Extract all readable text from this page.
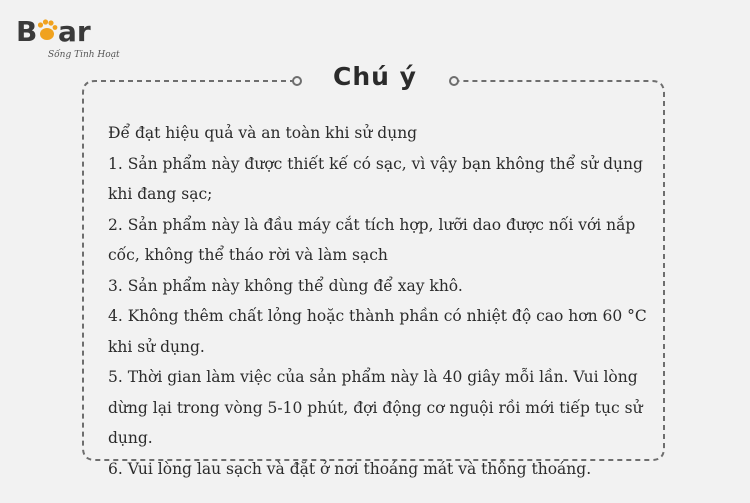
B ar
Chú ý

Để đạt hiệu quả và an toàn khi sử dụng

1. Sản phẩm này được thiết kế có sạc, vì vậy bạn không thể sử dụng khi đang sạc;

2. Sản phẩm này là đầu máy cắt tích hợp, lưỡi dao được nối với nắp cốc, không thể tháo rời và làm sạch

3. Sản phẩm này không thể dùng để xay khô.

4. Không thêm chất lỏng hoặc thành phần có nhiệt độ cao hơn 60 °C khi sử dụng.

5. Thời gian làm việc của sản phẩm này là 40 giây mỗi lần. Vui lòng dừng lại trong vòng 5-10 phút, đợi động cơ nguội rồi mới tiếp tục sử dụng.

6. Vui lòng lau sạch và đặt ở nơi thoáng mát và thông thoáng.

Sống Tinh Hoạt
